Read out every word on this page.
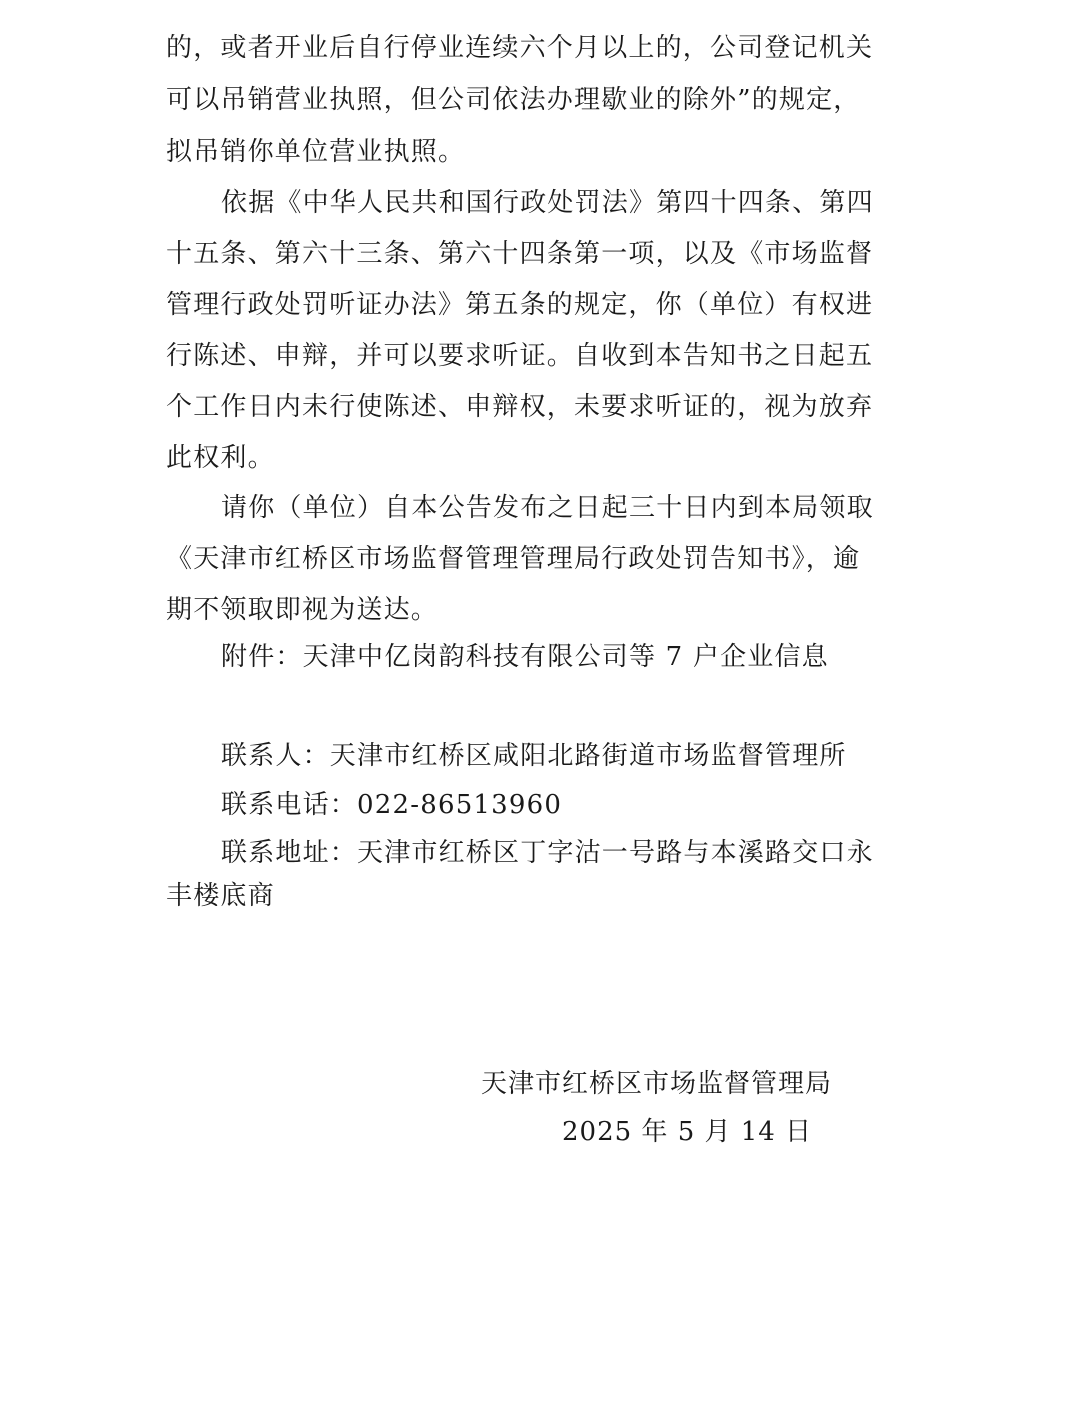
的，或者开业后自行停业连续六个月以上的，公司登记机关
可以吊销营业执照，但公司依法办理歇业的除外”的规定，
拟吊销你单位营业执照。
依据《中华人民共和国行政处罚法》第四十四条、第四
十五条、第六十三条、第六十四条第一项，以及《市场监督
管理行政处罚听证办法》第五条的规定，你（单位）有权进
行陈述、申辩，并可以要求听证。自收到本告知书之日起五
个工作日内未行使陈述、申辩权，未要求听证的，视为放弃
此权利。
请你（单位）自本公告发布之日起三十日内到本局领取
《天津市红桥区市场监督管理管理局行政处罚告知书》，逾
期不领取即视为送达。
附件：天津中亿岗韵科技有限公司等 7 户企业信息
联系人：天津市红桥区咸阳北路街道市场监督管理所
联系电话：022-86513960
联系地址：天津市红桥区丁字沽一号路与本溪路交口永
丰楼底商
天津市红桥区市场监督管理局
2025 年 5 月 14 日
